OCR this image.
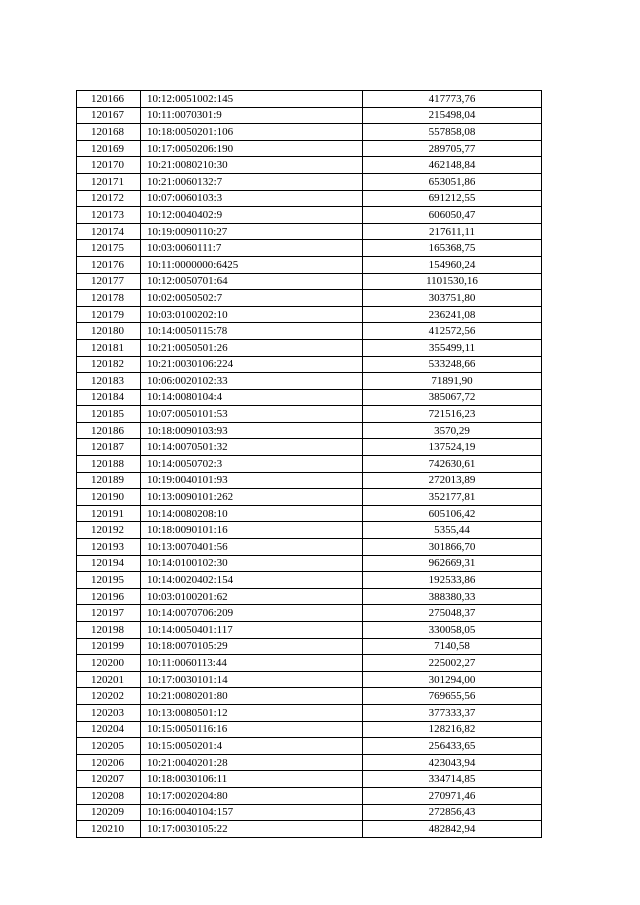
120166	10:12:0051002:145	417773,76
120167	10:11:0070301:9	215498,04
120168	10:18:0050201:106	557858,08
120169	10:17:0050206:190	289705,77
120170	10:21:0080210:30	462148,84
120171	10:21:0060132:7	653051,86
120172	10:07:0060103:3	691212,55
120173	10:12:0040402:9	606050,47
120174	10:19:0090110:27	217611,11
120175	10:03:0060111:7	165368,75
120176	10:11:0000000:6425	154960,24
120177	10:12:0050701:64	1101530,16
120178	10:02:0050502:7	303751,80
120179	10:03:0100202:10	236241,08
120180	10:14:0050115:78	412572,56
120181	10:21:0050501:26	355499,11
120182	10:21:0030106:224	533248,66
120183	10:06:0020102:33	71891,90
120184	10:14:0080104:4	385067,72
120185	10:07:0050101:53	721516,23
120186	10:18:0090103:93	3570,29
120187	10:14:0070501:32	137524,19
120188	10:14:0050702:3	742630,61
120189	10:19:0040101:93	272013,89
120190	10:13:0090101:262	352177,81
120191	10:14:0080208:10	605106,42
120192	10:18:0090101:16	5355,44
120193	10:13:0070401:56	301866,70
120194	10:14:0100102:30	962669,31
120195	10:14:0020402:154	192533,86
120196	10:03:0100201:62	388380,33
120197	10:14:0070706:209	275048,37
120198	10:14:0050401:117	330058,05
120199	10:18:0070105:29	7140,58
120200	10:11:0060113:44	225002,27
120201	10:17:0030101:14	301294,00
120202	10:21:0080201:80	769655,56
120203	10:13:0080501:12	377333,37
120204	10:15:0050116:16	128216,82
120205	10:15:0050201:4	256433,65
120206	10:21:0040201:28	423043,94
120207	10:18:0030106:11	334714,85
120208	10:17:0020204:80	270971,46
120209	10:16:0040104:157	272856,43
120210	10:17:0030105:22	482842,94
